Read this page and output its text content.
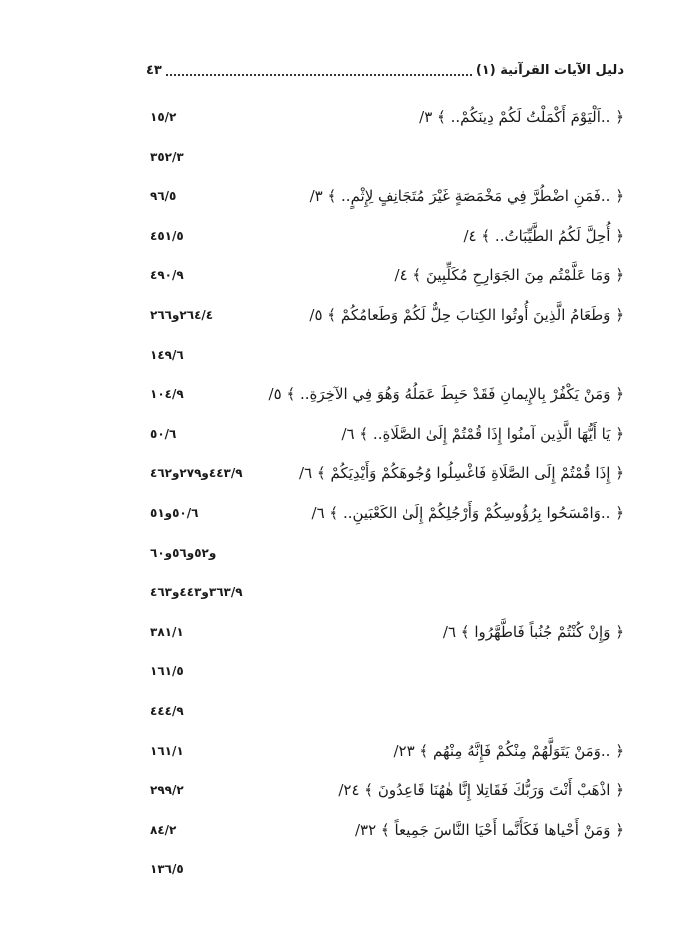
دليل الآيات القرآنية (١)
٤٣
﴿ ..اَلْيَوْمَ أَكْمَلْتُ لَكُمْ دِينَكُمْ.. ﴾ ٣/
١٥/٢
٣٥٢/٣
﴿ ..فَمَنِ اضْطُرَّ فِي مَخْمَصَةٍ غَيْرَ مُتَجَانِفٍ لِإِثْمٍ.. ﴾ ٣/
٩٦/٥
﴿ أُحِلَّ لَكُمُ الطَّيِّبَاتُ.. ﴾ ٤/
٤٥١/٥
﴿ وَمَا عَلَّمْتُم مِنَ الجَوَارِحِ مُكَلِّبِينَ ﴾ ٤/
٤٩٠/٩
﴿ وَطَعَامُ الَّذِينَ أُوتُوا الكِتابَ حِلٌّ لَكُمْ وَطَعامُكُمْ ﴾ ٥/
٢٦٦و٢٦٤/٤
١٤٩/٦
﴿ وَمَنْ يَكْفُرْ بِالإِيمانِ فَقَدْ حَبِطَ عَمَلُهُ وَهُوَ فِي الآخِرَةِ.. ﴾ ٥/
١٠٤/٩
﴿ يَا أَيُّهَا الَّذِين آمنُوا إِذَا قُمْتُمْ إِلَىٰ الصَّلَاةِ.. ﴾ ٦/
٥٠/٦
﴿ إِذَا قُمْتُمْ إِلَى الصَّلَاةِ فَاغْسِلُوا وُجُوهَكُمْ وَأَيْدِيَكُمْ ﴾ ٦/
٤٦٢و٢٧٩و٤٤٣/٩
﴿ ..وَامْسَحُوا بِرُؤُوسِكُمْ وَأَرْجُلِكُمْ إِلَىٰ الكَعْبَينِ.. ﴾ ٦/
٥١و٥٠/٦
٦٠و٥٦و٥٢و
٤٦٣و٤٤٣و٣٦٣/٩
﴿ وَإِنْ كُنْتُمْ جُنُباً فَاطَّهَّرُوا ﴾ ٦/
٣٨١/١
١٦١/٥
٤٤٤/٩
﴿ ..وَمَنْ يَتَوَلَّهُمْ مِنْكُمْ فَإِنَّهُ مِنْهُم ﴾ ٢٣/
١٦١/١
﴿ اذْهَبْ أَنْتَ وَرَبُّكَ فَقَاتِلا إِنَّا هٰهُنَا قَاعِدُونَ ﴾ ٢٤/
٢٩٩/٢
﴿ وَمَنْ أَحْياها فَكَأَنَّما أَحْيَا النَّاسَ جَمِيعاً ﴾ ٣٢/
٨٤/٢
١٣٦/٥
